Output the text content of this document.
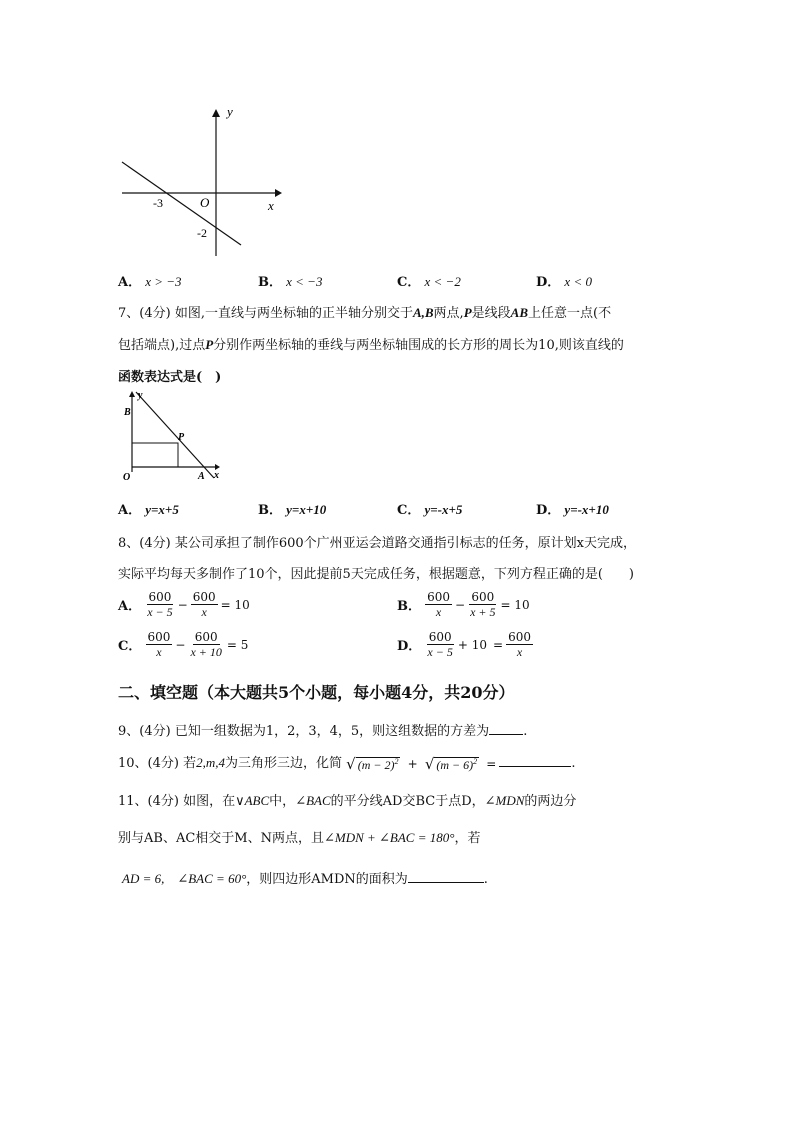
y
x
O
-3
-2
A． x > −3	B． x < −3	C． x < −2	D． x < 0
7、(4分) 如图,一直线与两坐标轴的正半轴分别交于A,B两点,P是线段AB上任意一点(不
包括端点),过点P分别作两坐标轴的垂线与两坐标轴围成的长方形的周长为10,则该直线的
函数表达式是(　)
y
B
P
O	A x
A． y=x+5	B． y=x+10	C． y=-x+5	D． y=-x+10
8、(4分) 某公司承担了制作600个广州亚运会道路交通指引标志的任务，原计划x天完成，
实际平均每天多制作了10个，因此提前5天完成任务，根据题意，下列方程正确的是(　　)
A． $\frac{600}{x - 5} - \frac{600}{x} = 10$	B． $\frac{600}{x} - \frac{600}{x + 5} = 10$
C． $\frac{600}{x} - \frac{600}{x + 10} = 5$	D． $\frac{600}{x - 5} + 10 = \frac{600}{x}$
二、填空题（本大题共5个小题，每小题4分，共20分）
9、(4分) 已知一组数据为1，2，3，4，5，则这组数据的方差为	.
10、(4分) 若2,m,4为三角形三边，化简 √ $(m - 2)^2$ + √ $(m - 6)^2$ =	.
11、(4分) 如图，在∨ABC中，∠BAC的平分线AD交BC于点D，∠MDN的两边分
别与AB、AC相交于M、N两点，且∠MDN + ∠BAC = 180°，若
AD = 6,　∠BAC = 60°，则四边形AMDN的面积为	.
